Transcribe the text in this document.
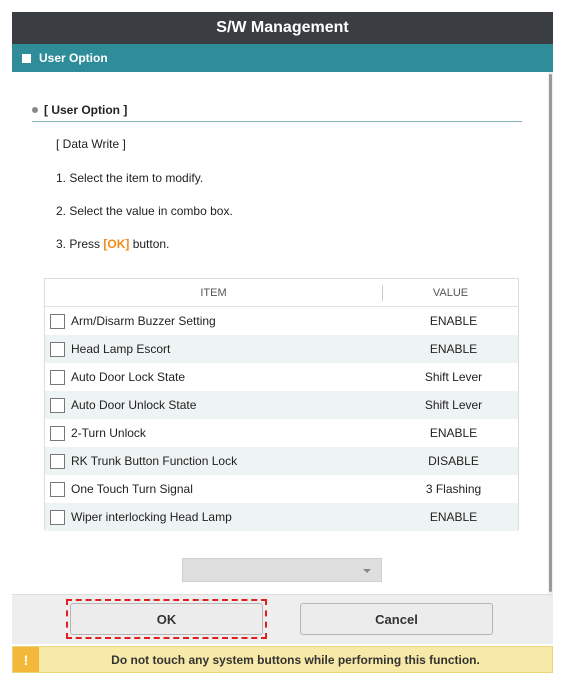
S/W Management
User Option
[ User Option ]
[ Data Write ]
1. Select the item to modify.
2. Select the value in combo box.
3. Press [OK] button.
ITEM	VALUE
Arm/Disarm Buzzer Setting	ENABLE
Head Lamp Escort	ENABLE
Auto Door Lock State	Shift Lever
Auto Door Unlock State	Shift Lever
2-Turn Unlock	ENABLE
RK Trunk Button Function Lock	DISABLE
One Touch Turn Signal	3 Flashing
Wiper interlocking Head Lamp	ENABLE
OK	Cancel
!	Do not touch any system buttons while performing this function.
